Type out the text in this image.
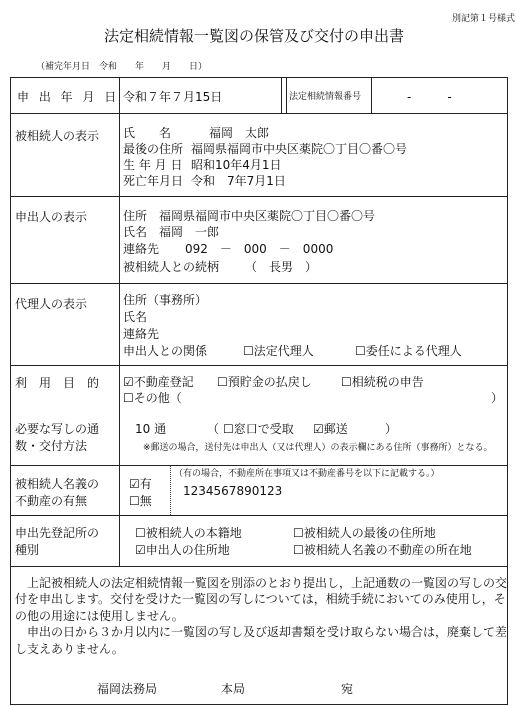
別記第１号様式
法定相続情報一覧図の保管及び交付の申出書
（補完年月日　令和　　年　　月　　日）
申 出 年 月 日 令和７年７月15日	法定相続情報番号	-　　　-
被相続人の表示 氏　　名	福岡　太郎
最後の住所 福岡県福岡市中央区薬院〇丁目〇番〇号
生 年 月 日 昭和10年4月1日
死亡年月日 令和　7年7月1日
申出人の表示	住所　福岡県福岡市中央区薬院〇丁目〇番〇号
氏名　福岡　一郎
連絡先 092　－　000　－　0000
被相続人との続柄 （　長男　）
代理人の表示	住所（事務所）
氏名
連絡先
申出人との関係	☐法定代理人	☐委任による代理人
利　用　目　的 ☑不動産登記 ☐預貯金の払戻し ☐相続税の申告
☐その他（	）
必要な写しの通
数・交付方法
10 通	（ ☐窓口で受取 ☑郵送	）
※郵送の場合，送付先は申出人（又は代理人）の表示欄にある住所（事務所）となる。
被相続人名義の
不動産の有無
☑有
☐無
（有の場合，不動産所在事項又は不動産番号を以下に記載する。）
1234567890123
申出先登記所の
種別
☐被相続人の本籍地	☐被相続人の最後の住所地
☑申出人の住所地	☐被相続人名義の不動産の所在地
上記被相続人の法定相続情報一覧図を別添のとおり提出し，上記通数の一覧図の写しの交
付を申出します。交付を受けた一覧図の写しについては，相続手続においてのみ使用し，そ
の他の用途には使用しません。
申出の日から３か月以内に一覧図の写し及び返却書類を受け取らない場合は，廃棄して差
し支えありません。
福岡法務局	本局	宛
